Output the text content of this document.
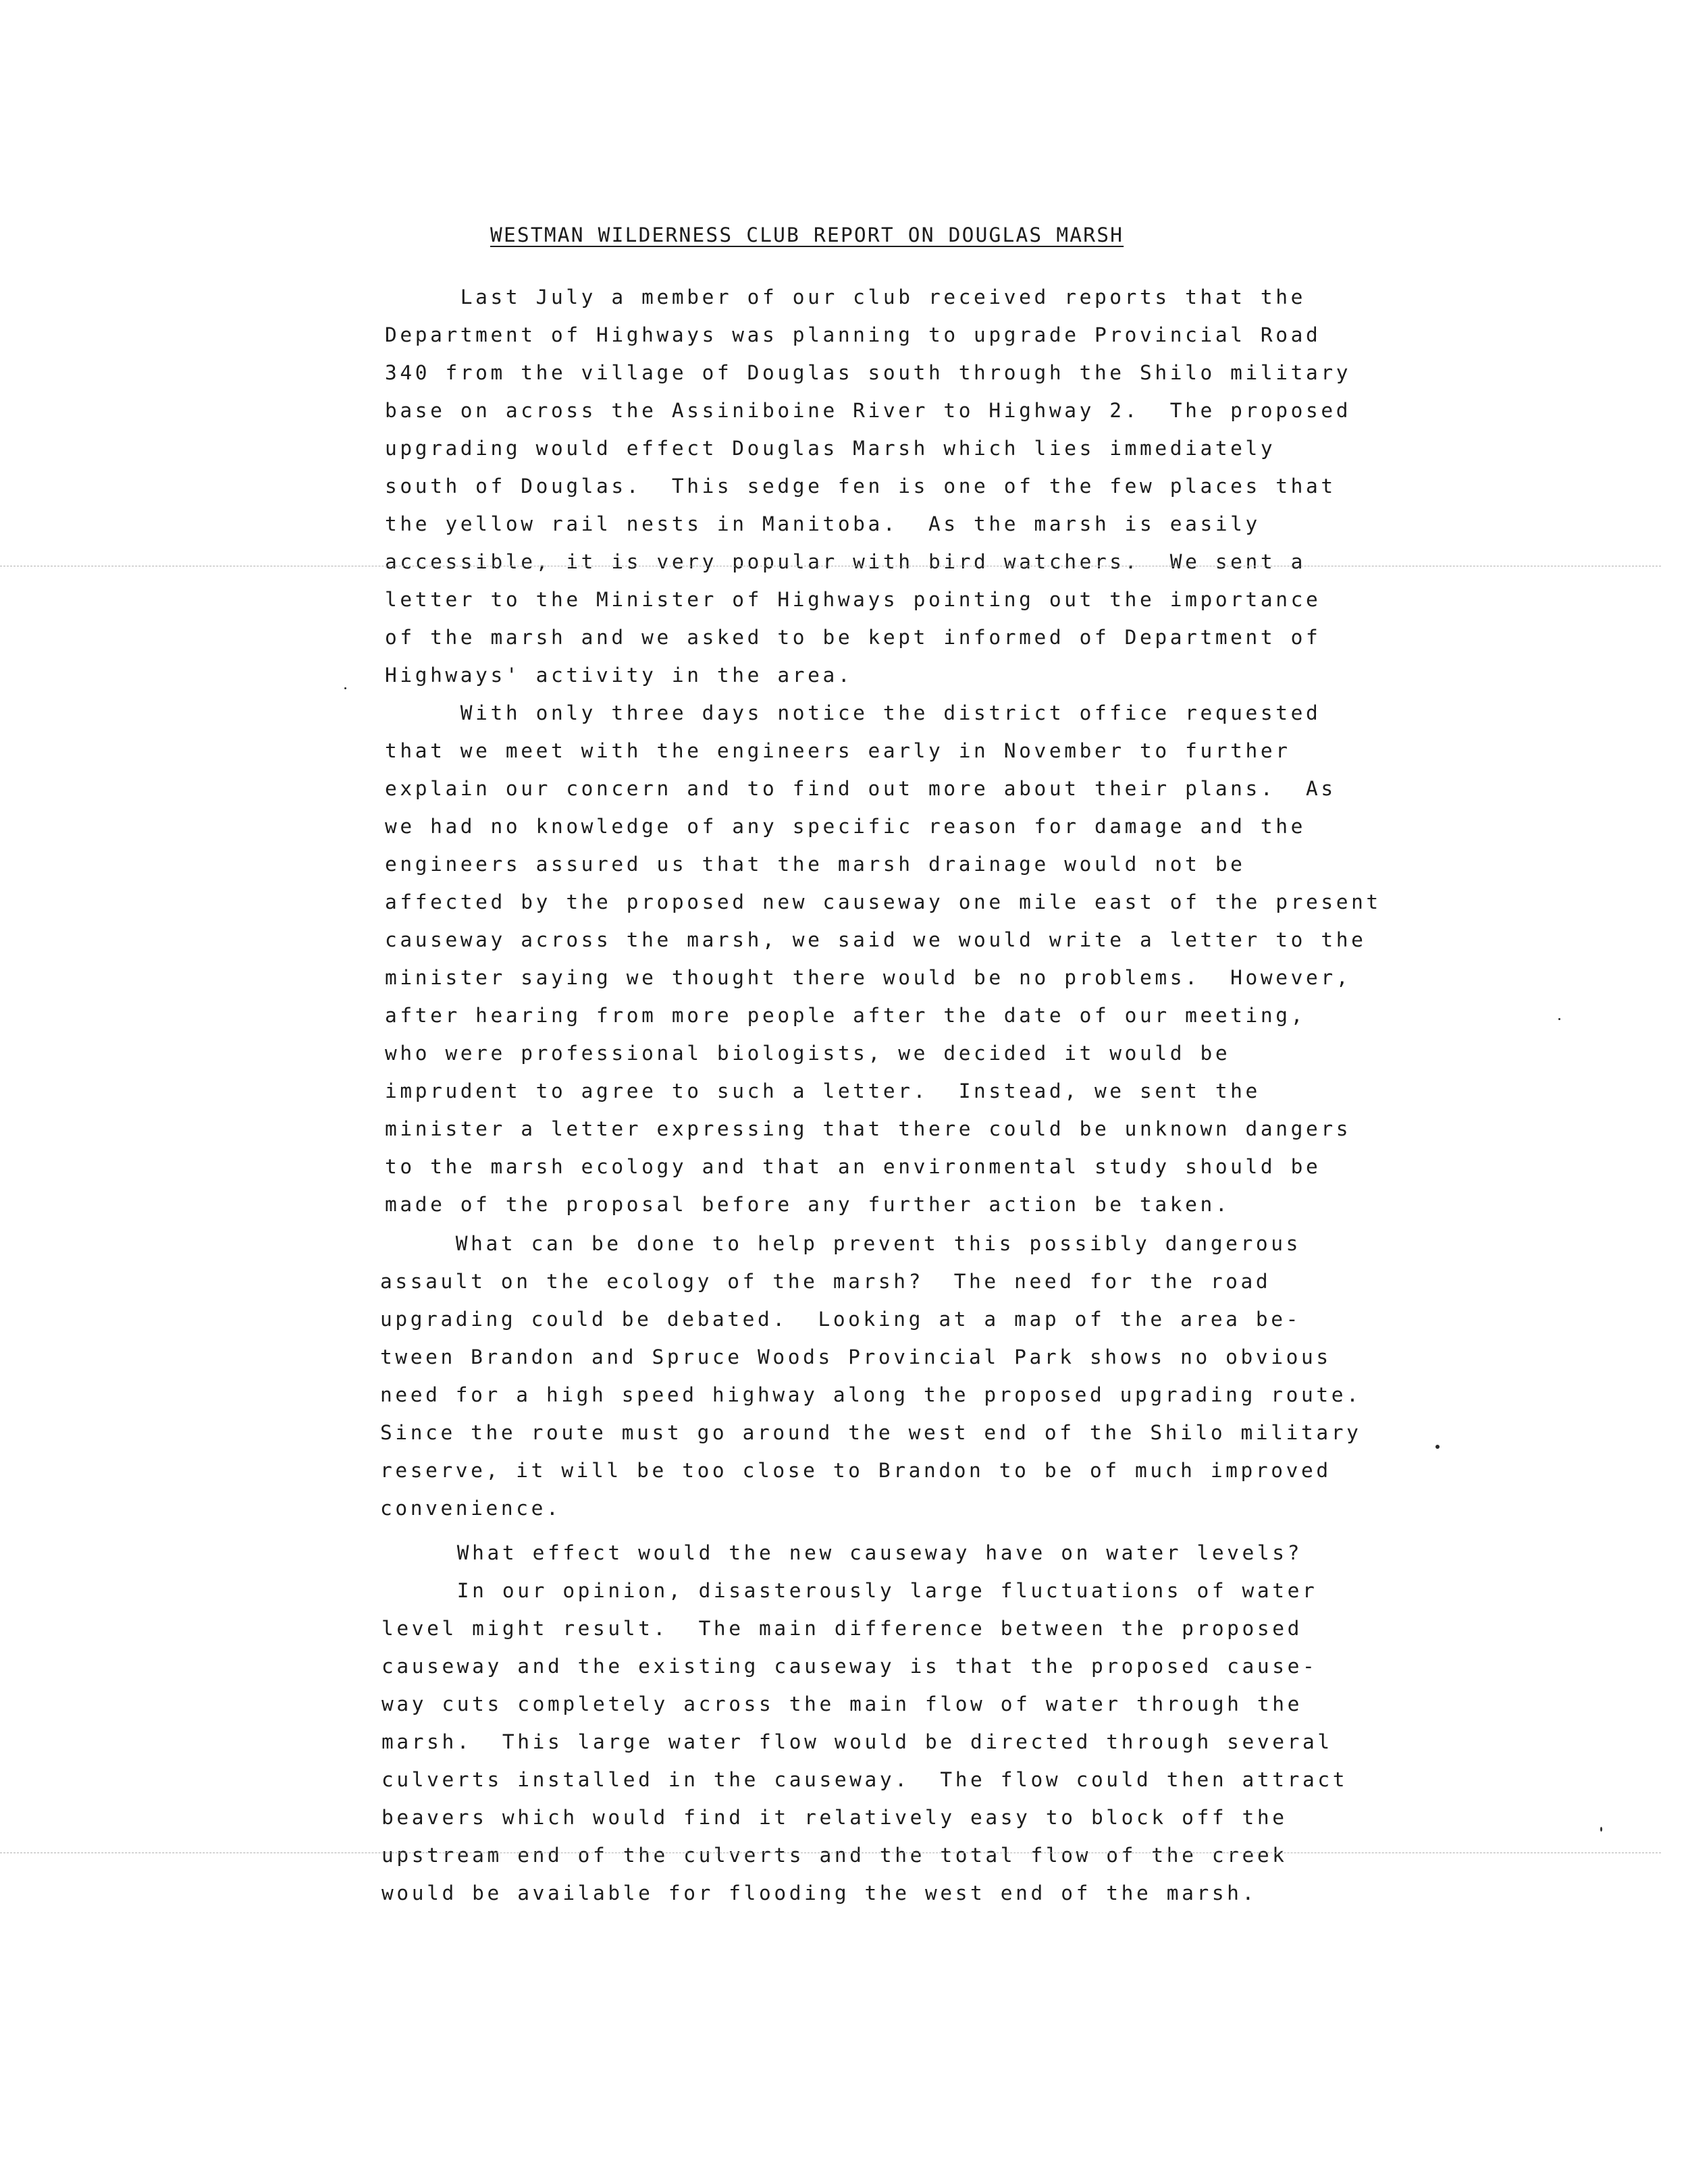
WESTMAN WILDERNESS CLUB REPORT ON DOUGLAS MARSH
Last July a member of our club received reports that the
Department of Highways was planning to upgrade Provincial Road
340 from the village of Douglas south through the Shilo military
base on across the Assiniboine River to Highway 2.  The proposed
upgrading would effect Douglas Marsh which lies immediately
south of Douglas.  This sedge fen is one of the few places that
the yellow rail nests in Manitoba.  As the marsh is easily
accessible, it is very popular with bird watchers.  We sent a
letter to the Minister of Highways pointing out the importance
of the marsh and we asked to be kept informed of Department of
Highways' activity in the area.
With only three days notice the district office requested
that we meet with the engineers early in November to further
explain our concern and to find out more about their plans.  As
we had no knowledge of any specific reason for damage and the
engineers assured us that the marsh drainage would not be
affected by the proposed new causeway one mile east of the present
causeway across the marsh, we said we would write a letter to the
minister saying we thought there would be no problems.  However,
after hearing from more people after the date of our meeting,
who were professional biologists, we decided it would be
imprudent to agree to such a letter.  Instead, we sent the
minister a letter expressing that there could be unknown dangers
to the marsh ecology and that an environmental study should be
made of the proposal before any further action be taken.
What can be done to help prevent this possibly dangerous
assault on the ecology of the marsh?  The need for the road
upgrading could be debated.  Looking at a map of the area be-
tween Brandon and Spruce Woods Provincial Park shows no obvious
need for a high speed highway along the proposed upgrading route.
Since the route must go around the west end of the Shilo military
reserve, it will be too close to Brandon to be of much improved
convenience.
What effect would the new causeway have on water levels?
In our opinion, disasterously large fluctuations of water
level might result.  The main difference between the proposed
causeway and the existing causeway is that the proposed cause-
way cuts completely across the main flow of water through the
marsh.  This large water flow would be directed through several
culverts installed in the causeway.  The flow could then attract
beavers which would find it relatively easy to block off the
upstream end of the culverts and the total flow of the creek
would be available for flooding the west end of the marsh.
